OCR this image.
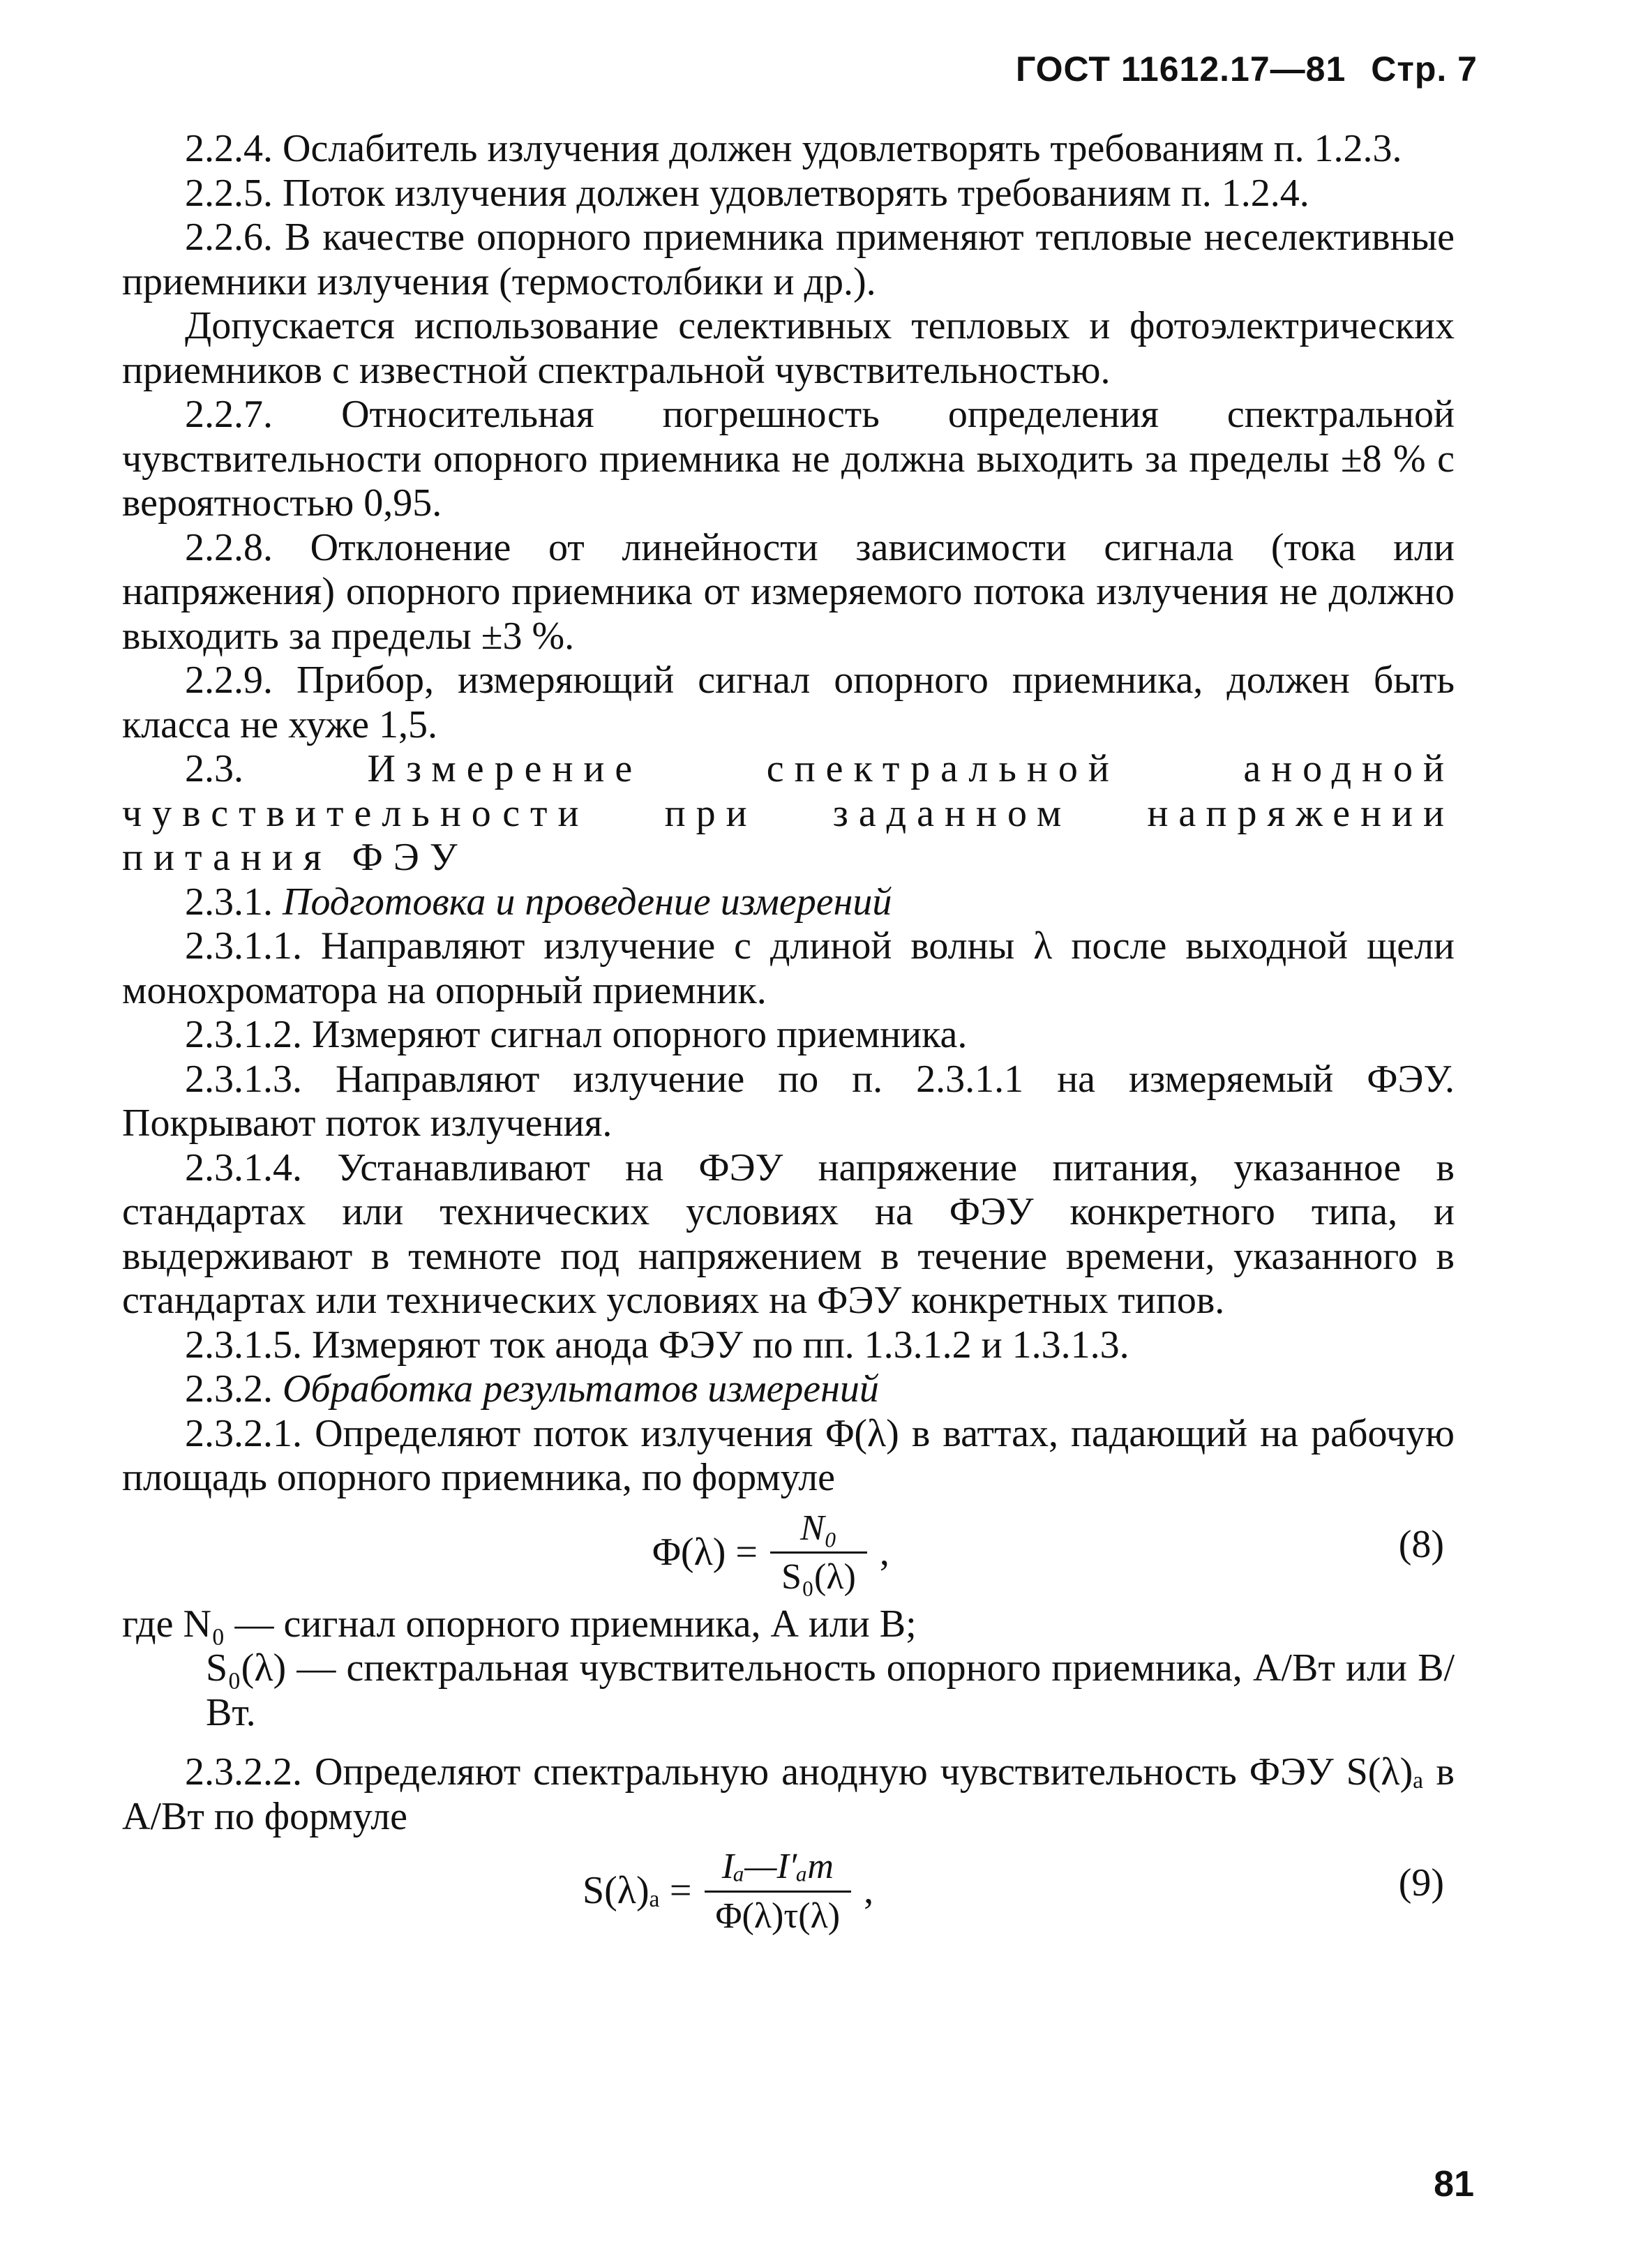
ГОСТ 11612.17—81 Стр. 7

2.2.4. Ослабитель излучения должен удовлетворять требованиям п. 1.2.3.

2.2.5. Поток излучения должен удовлетворять требованиям п. 1.2.4.

2.2.6. В качестве опорного приемника применяют тепловые неселективные приемники излучения (термостолбики и др.).

Допускается использование селективных тепловых и фотоэлектрических приемников с известной спектральной чувствительностью.

2.2.7. Относительная погрешность определения спектральной чувствительности опорного приемника не должна выходить за пределы ±8 % с вероятностью 0,95.

2.2.8. Отклонение от линейности зависимости сигнала (тока или напряжения) опорного приемника от измеряемого потока излучения не должно выходить за пределы ±3 %.

2.2.9. Прибор, измеряющий сигнал опорного приемника, должен быть класса не хуже 1,5.

2.3.	Измерение спектральной анодной чувствительности при заданном напряжении питания ФЭУ

2.3.1. Подготовка и проведение измерений

2.3.1.1. Направляют излучение с длиной волны λ после выходной щели монохроматора на опорный приемник.

2.3.1.2. Измеряют сигнал опорного приемника.

2.3.1.3. Направляют излучение по п. 2.3.1.1 на измеряемый ФЭУ. Покрывают поток излучения.

2.3.1.4. Устанавливают на ФЭУ напряжение питания, указанное в стандартах или технических условиях на ФЭУ конкретного типа, и выдерживают в темноте под напряжением в течение времени, указанного в стандартах или технических условиях на ФЭУ конкретных типов.

2.3.1.5. Измеряют ток анода ФЭУ по пп. 1.3.1.2 и 1.3.1.3.

2.3.2. Обработка результатов измерений

2.3.2.1. Определяют поток излучения Φ(λ) в ваттах, падающий на рабочую площадь опорного приемника, по формуле

$\Phi(\lambda) = \frac{\text{N₀}}{\text{S₀(λ)}}$ ,	(8)

где N₀ — сигнал опорного приемника, А или В;

S₀(λ) — спектральная чувствительность опорного приемника, А/Вт или В/Вт.

2.3.2.2. Определяют спектральную анодную чувствительность ФЭУ S(λ)ₐ в А/Вт по формуле

$S(\lambda)_a = \frac{\text{Iₐ—I′ₐт}}{\Phi(\lambda)\tau(\lambda)}$ ,	(9)
81
